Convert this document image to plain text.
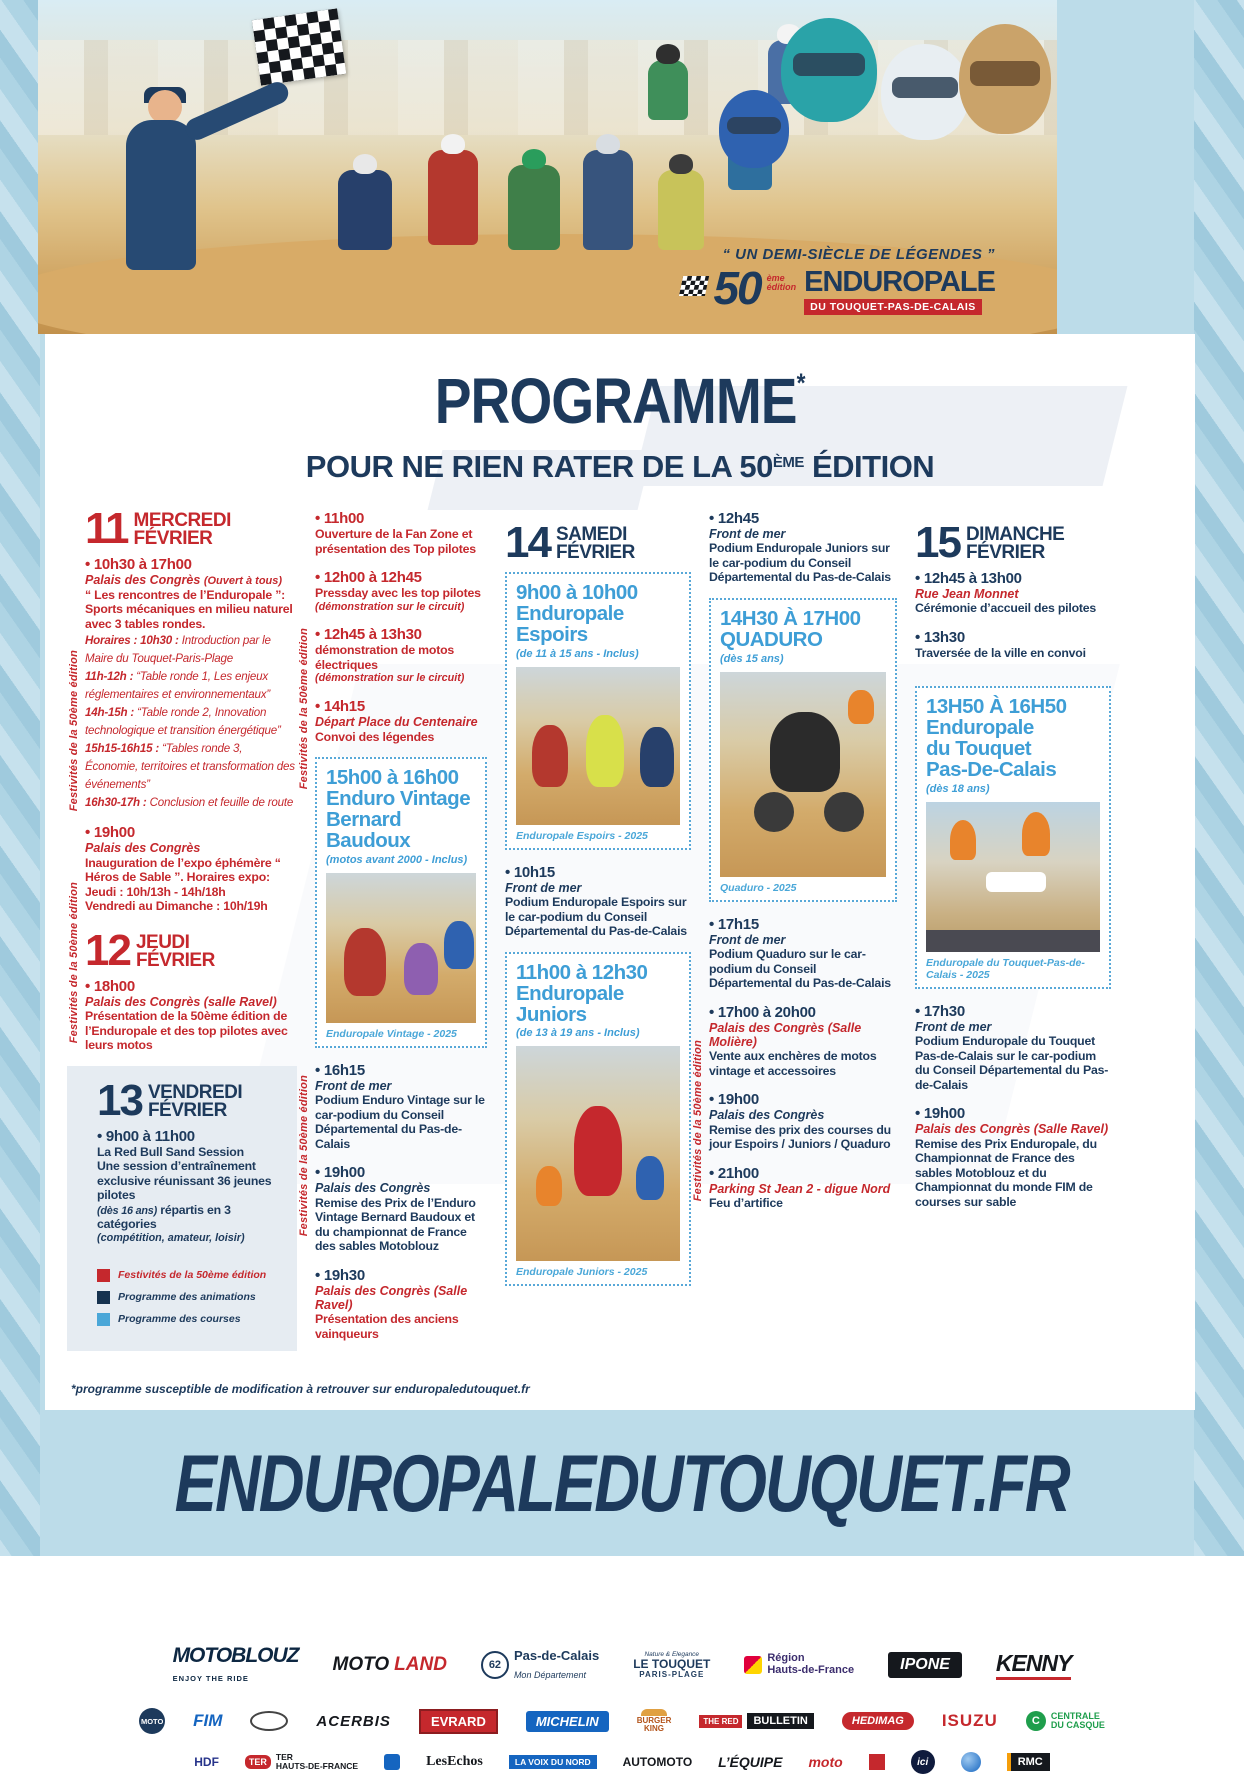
“ UN DEMI-SIÈCLE DE LÉGENDES ”
50 ème
édition ENDUROPALE
DU TOUQUET-PAS-DE-CALAIS
PROGRAMME*
POUR NE RIEN RATER DE LA 50ÈME ÉDITION
Festivités de la 50ème édition
Festivités de la 50ème édition
11 MERCREDI
FÉVRIER
• 10h30 à 17h00
Palais des Congrès (Ouvert à tous)
“ Les rencontres de l’Enduropale ”: Sports mécaniques en milieu naturel avec 3 tables rondes.
Horaires : 10h30 : Introduction par le Maire du Touquet-Paris-Plage
11h-12h : “Table ronde 1, Les enjeux réglementaires et environnementaux”
14h-15h : “Table ronde 2, Innovation technologique et transition énergétique”
15h15-16h15 : “Tables ronde 3, Économie, territoires et transformation des événements”
16h30-17h : Conclusion et feuille de route
• 19h00
Palais des Congrès
Inauguration de l’expo éphémère “ Héros de Sable ”. Horaires expo:
Jeudi : 10h/13h - 14h/18h
Vendredi au Dimanche : 10h/19h
12 JEUDI
FÉVRIER
• 18h00
Palais des Congrès (salle Ravel)
Présentation de la 50ème édition de l’Enduropale et des top pilotes avec leurs motos
13 VENDREDI
FÉVRIER
• 9h00 à 11h00
La Red Bull Sand Session
Une session d’entraînement exclusive réunissant 36 jeunes pilotes
(dès 16 ans) répartis en 3 catégories
(compétition, amateur, loisir)
Festivités de la 50ème édition
Programme des animations
Programme des courses
Festivités de la 50ème édition
Festivités de la 50ème édition
• 11h00
Ouverture de la Fan Zone et présentation des Top pilotes
• 12h00 à 12h45
Pressday avec les top pilotes
(démonstration sur le circuit)
• 12h45 à 13h30
démonstration de motos électriques
(démonstration sur le circuit)
• 14h15
Départ Place du Centenaire
Convoi des légendes
15h00 à 16h00
Enduro Vintage
Bernard Baudoux
(motos avant 2000 - Inclus)
Enduropale Vintage - 2025
• 16h15
Front de mer
Podium Enduro Vintage sur le car-podium du Conseil Départemental du Pas-de-Calais
• 19h00
Palais des Congrès
Remise des Prix de l’Enduro Vintage Bernard Baudoux et du championnat de France des sables Motoblouz
• 19h30
Palais des Congrès (Salle Ravel)
Présentation des anciens vainqueurs
14 SAMEDI
FÉVRIER
9h00 à 10h00
Enduropale Espoirs
(de 11 à 15 ans - Inclus)
Enduropale Espoirs - 2025
• 10h15
Front de mer
Podium Enduropale Espoirs sur le car-podium du Conseil Départemental du Pas-de-Calais
11h00 à 12h30
Enduropale Juniors
(de 13 à 19 ans - Inclus)
Enduropale Juniors - 2025
Festivités de la 50ème édition
• 12h45
Front de mer
Podium Enduropale Juniors sur le car-podium du Conseil Départemental du Pas-de-Calais
14H30 À 17H00
QUADURO
(dès 15 ans)
Quaduro - 2025
• 17h15
Front de mer
Podium Quaduro sur le car-podium du Conseil Départemental du Pas-de-Calais
• 17h00 à 20h00
Palais des Congrès (Salle Molière)
Vente aux enchères de motos vintage et accessoires
• 19h00
Palais des Congrès
Remise des prix des courses du jour Espoirs / Juniors / Quaduro
• 21h00
Parking St Jean 2 - digue Nord
Feu d’artifice
15 DIMANCHE
FÉVRIER
• 12h45 à 13h00
Rue Jean Monnet
Cérémonie d’accueil des pilotes
• 13h30
Traversée de la ville en convoi
13H50 À 16H50
Enduropale
du Touquet
Pas-De-Calais
(dès 18 ans)
Enduropale du Touquet-Pas-de-Calais - 2025
• 17h30
Front de mer
Podium Enduropale du Touquet Pas-de-Calais sur le car-podium du Conseil Départemental du Pas-de-Calais
• 19h00
Palais des Congrès (Salle Ravel)
Remise des Prix Enduropale, du Championnat de France des sables Motoblouz et du Championnat du monde FIM de courses sur sable
*programme susceptible de modification à retrouver sur enduropaledutouquet.fr
ENDUROPALEDUTOUQUET.FR
MOTOBLOUZ
ENJOY THE RIDE
MOTO LAND	62
Pas-de-Calais
Mon Département
Nature & Elegance
LE TOUQUET
PARIS-PLAGE
Région
Hauts-de-France	IPONE	KENNY
MOTO FIM	ACERBIS	EVRARD	MICHELIN	BURGER
KING
THE RED	BULLETIN	HEDIMAG	ISUZU	C	CENTRALE
DU CASQUE
HDF	TER	TER
HAUTS-DE-FRANCE	LesEchos	LA VOIX DU NORD	AUTOMOTO L’ÉQUIPE moto	ici	RMC
